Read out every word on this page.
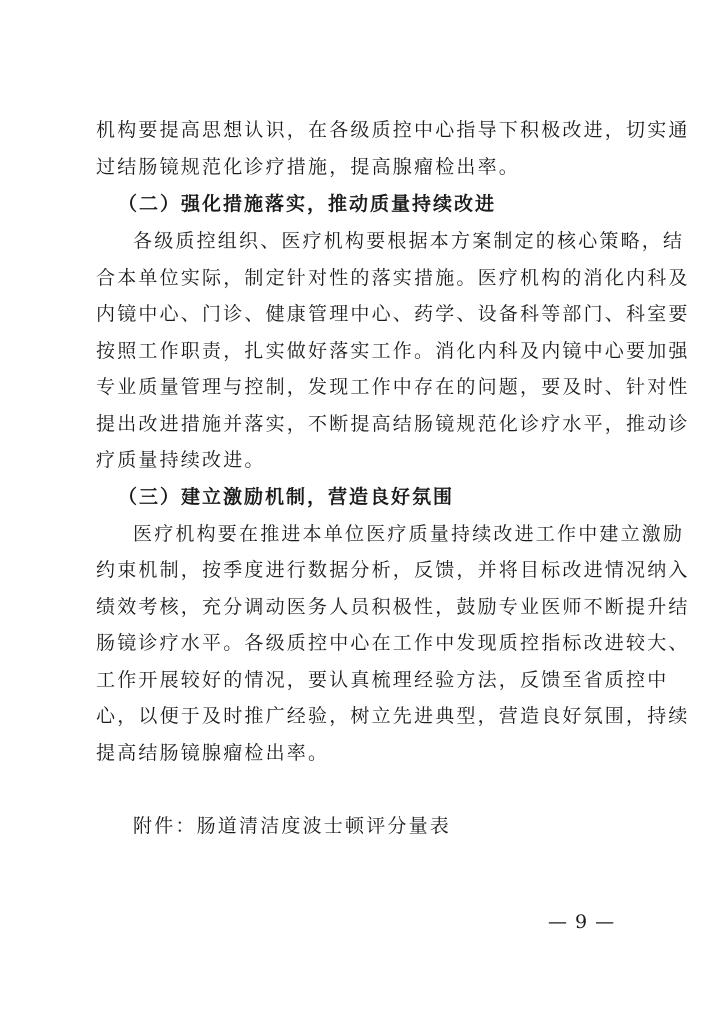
机构要提高思想认识，在各级质控中心指导下积极改进，切实通
过结肠镜规范化诊疗措施，提高腺瘤检出率。
（二）强化措施落实，推动质量持续改进
各级质控组织、医疗机构要根据本方案制定的核心策略，结
合本单位实际，制定针对性的落实措施。医疗机构的消化内科及
内镜中心、门诊、健康管理中心、药学、设备科等部门、科室要
按照工作职责，扎实做好落实工作。消化内科及内镜中心要加强
专业质量管理与控制，发现工作中存在的问题，要及时、针对性
提出改进措施并落实，不断提高结肠镜规范化诊疗水平，推动诊
疗质量持续改进。
（三）建立激励机制，营造良好氛围
医疗机构要在推进本单位医疗质量持续改进工作中建立激励
约束机制，按季度进行数据分析，反馈，并将目标改进情况纳入
绩效考核，充分调动医务人员积极性，鼓励专业医师不断提升结
肠镜诊疗水平。各级质控中心在工作中发现质控指标改进较大、
工作开展较好的情况，要认真梳理经验方法，反馈至省质控中
心，以便于及时推广经验，树立先进典型，营造良好氛围，持续
提高结肠镜腺瘤检出率。
附件：肠道清洁度波士顿评分量表
— 9 —
